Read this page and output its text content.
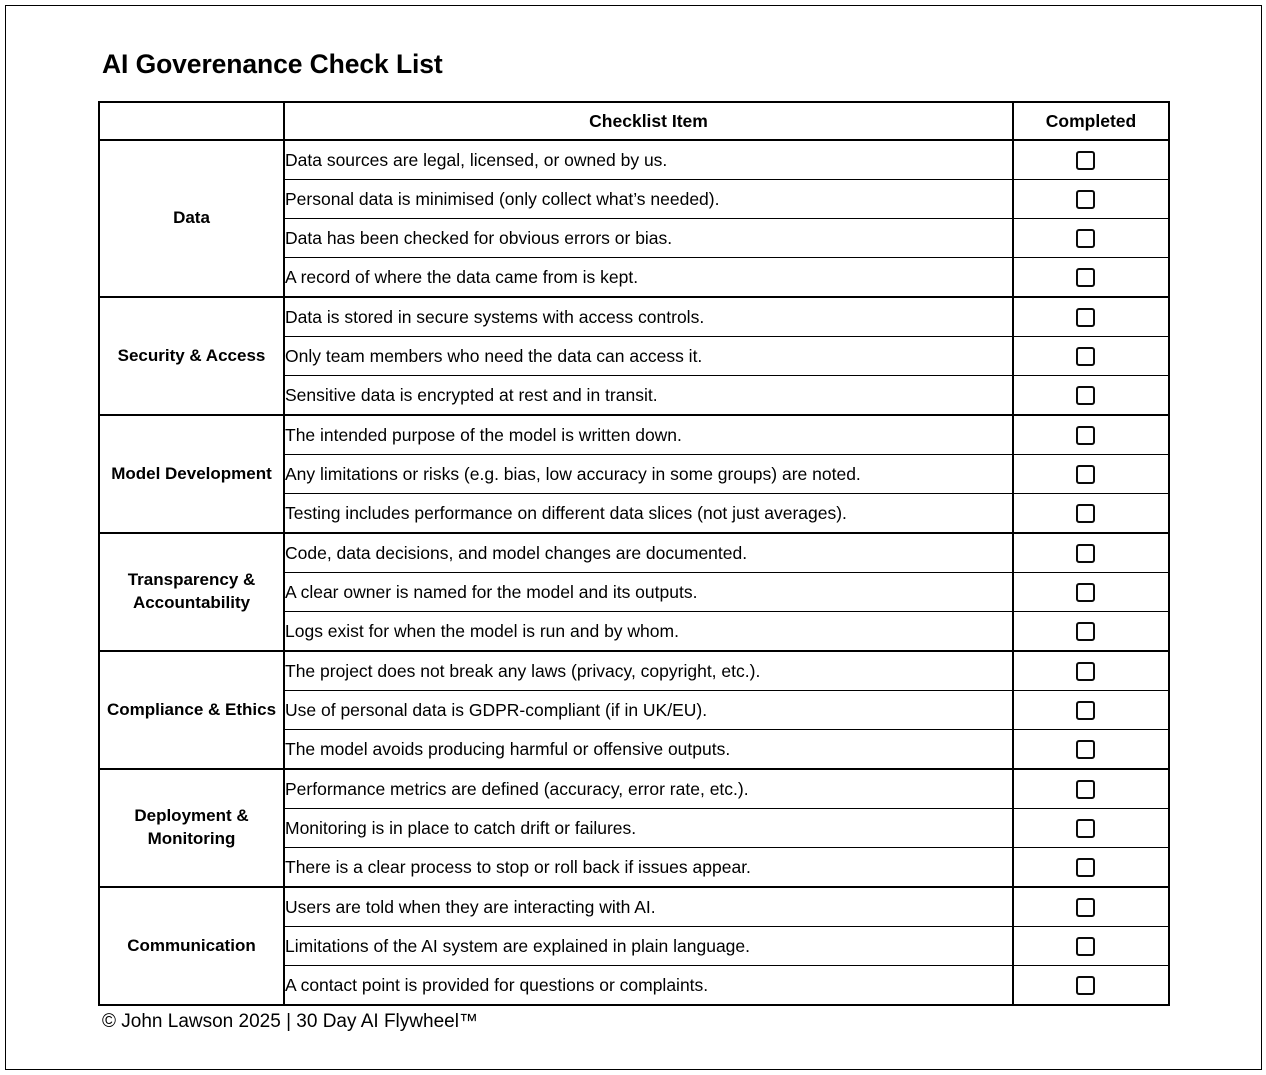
AI Goverenance Check List
	Checklist Item	Completed
Data	Data sources are legal, licensed, or owned by us.	
	Personal data is minimised (only collect what’s needed).	
	Data has been checked for obvious errors or bias.	
	A record of where the data came from is kept.	
Security & Access	Data is stored in secure systems with access controls.	
	Only team members who need the data can access it.	
	Sensitive data is encrypted at rest and in transit.	
Model Development	The intended purpose of the model is written down.	
	Any limitations or risks (e.g. bias, low accuracy in some groups) are noted.	
	Testing includes performance on different data slices (not just averages).	
Transparency & Accountability	Code, data decisions, and model changes are documented.	
	A clear owner is named for the model and its outputs.	
	Logs exist for when the model is run and by whom.	
Compliance & Ethics	The project does not break any laws (privacy, copyright, etc.).	
	Use of personal data is GDPR-compliant (if in UK/EU).	
	The model avoids producing harmful or offensive outputs.	
Deployment & Monitoring	Performance metrics are defined (accuracy, error rate, etc.).	
	Monitoring is in place to catch drift or failures.	
	There is a clear process to stop or roll back if issues appear.	
Communication	Users are told when they are interacting with AI.	
	Limitations of the AI system are explained in plain language.	
	A contact point is provided for questions or complaints.	
© John Lawson 2025 | 30 Day AI Flywheel™
